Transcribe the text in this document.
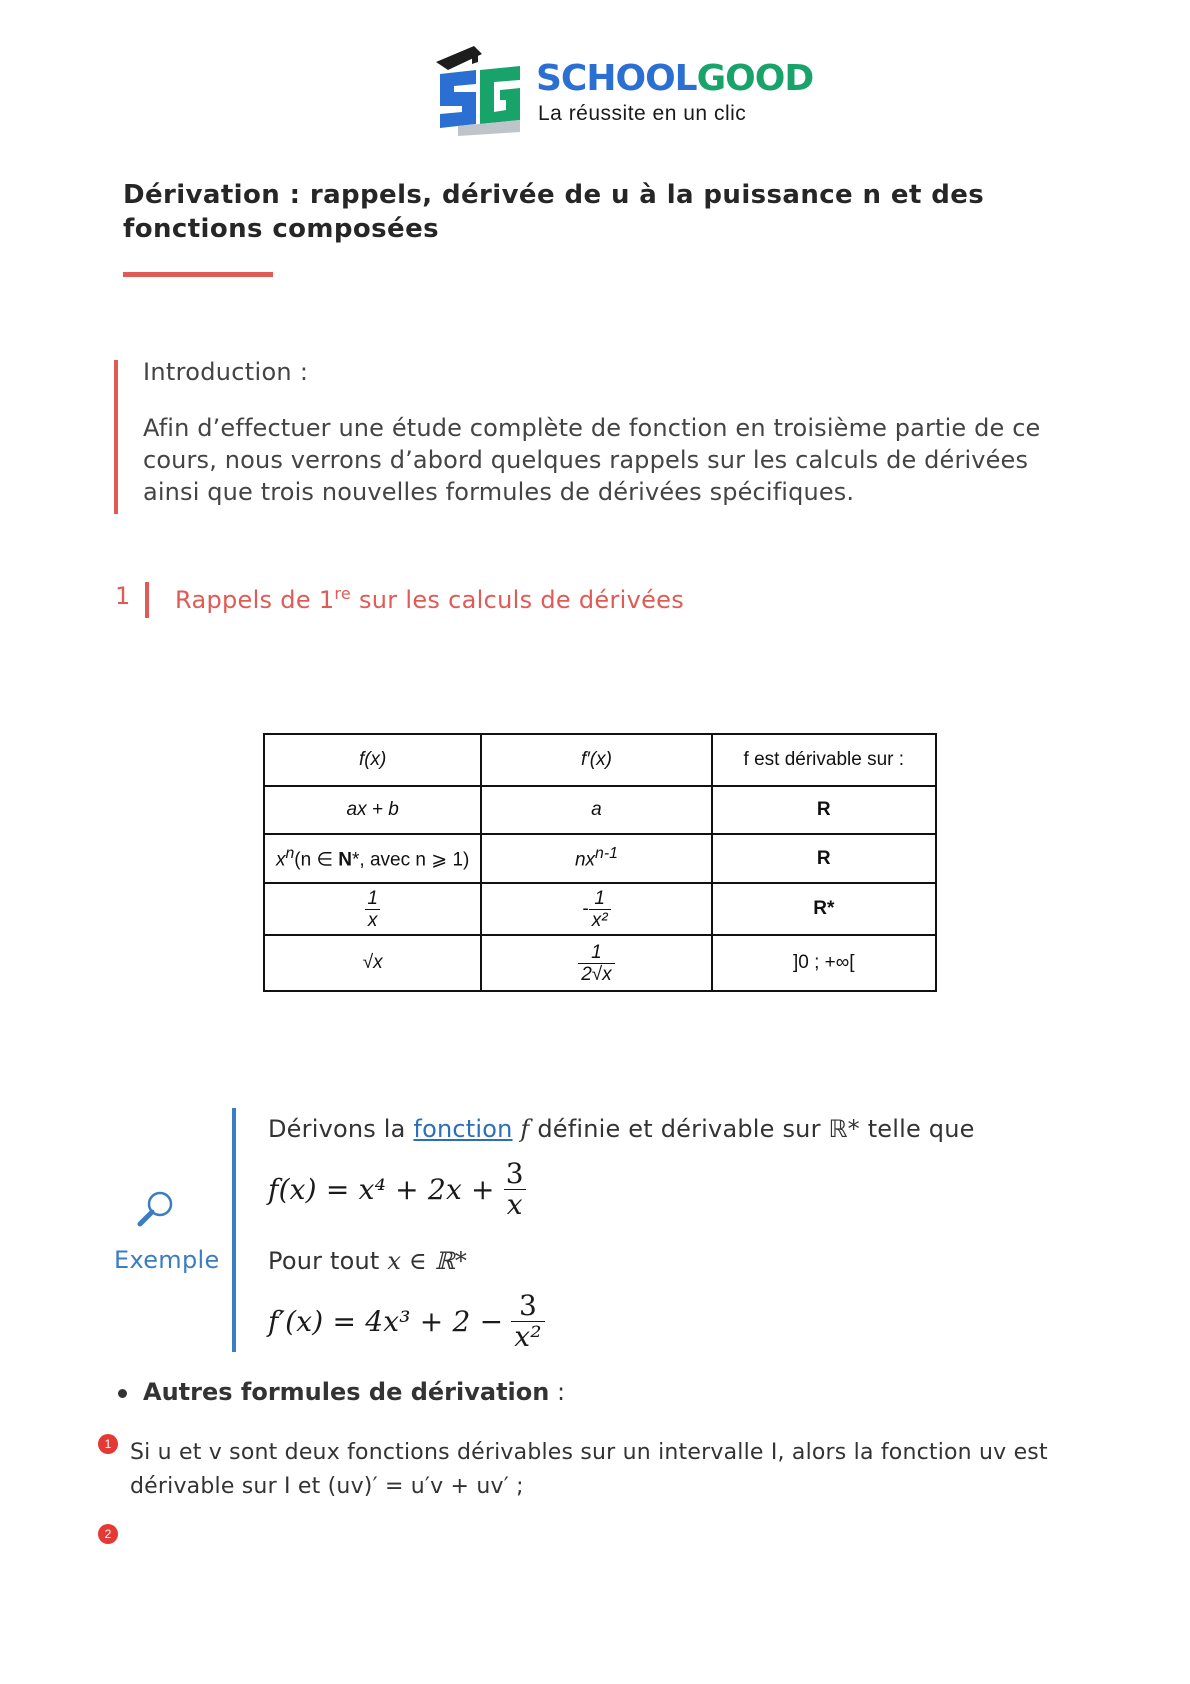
SCHOOLGOOD
La réussite en un clic
Dérivation : rappels, dérivée de u à la puissance n et des fonctions composées

Introduction :

Afin d’effectuer une étude complète de fonction en troisième partie de ce cours, nous verrons d’abord quelques rappels sur les calculs de dérivées ainsi que trois nouvelles formules de dérivées spécifiques.

1 Rappels de 1re sur les calculs de dérivées
f(x)	f′(x)	f est dérivable sur :
ax + b	a	R
$x^n(n$ ∈ N*, avec n ⩾ 1)	$nx^{n-1}$	R

$\frac{1}{x}$	- $\frac{1}{\text{x²}}$	R*
√x	$\frac{1}{2√x}$	]0 ; +∞[
Exemple
Dérivons la fonction f définie et dérivable sur ℝ* telle que
$f(x) = x^4 + 2x + \frac{3}{x}$
Pour tout x ∈ ℝ*
$f'(x) = 4x^3 + 2 - \frac{3}{\text{x²}}$
Autres formules de dérivation :
1 Si u et v sont deux fonctions dérivables sur un intervalle I, alors la fonction uv est dérivable sur I et (uv)′ = u′v + uv′ ;

2
